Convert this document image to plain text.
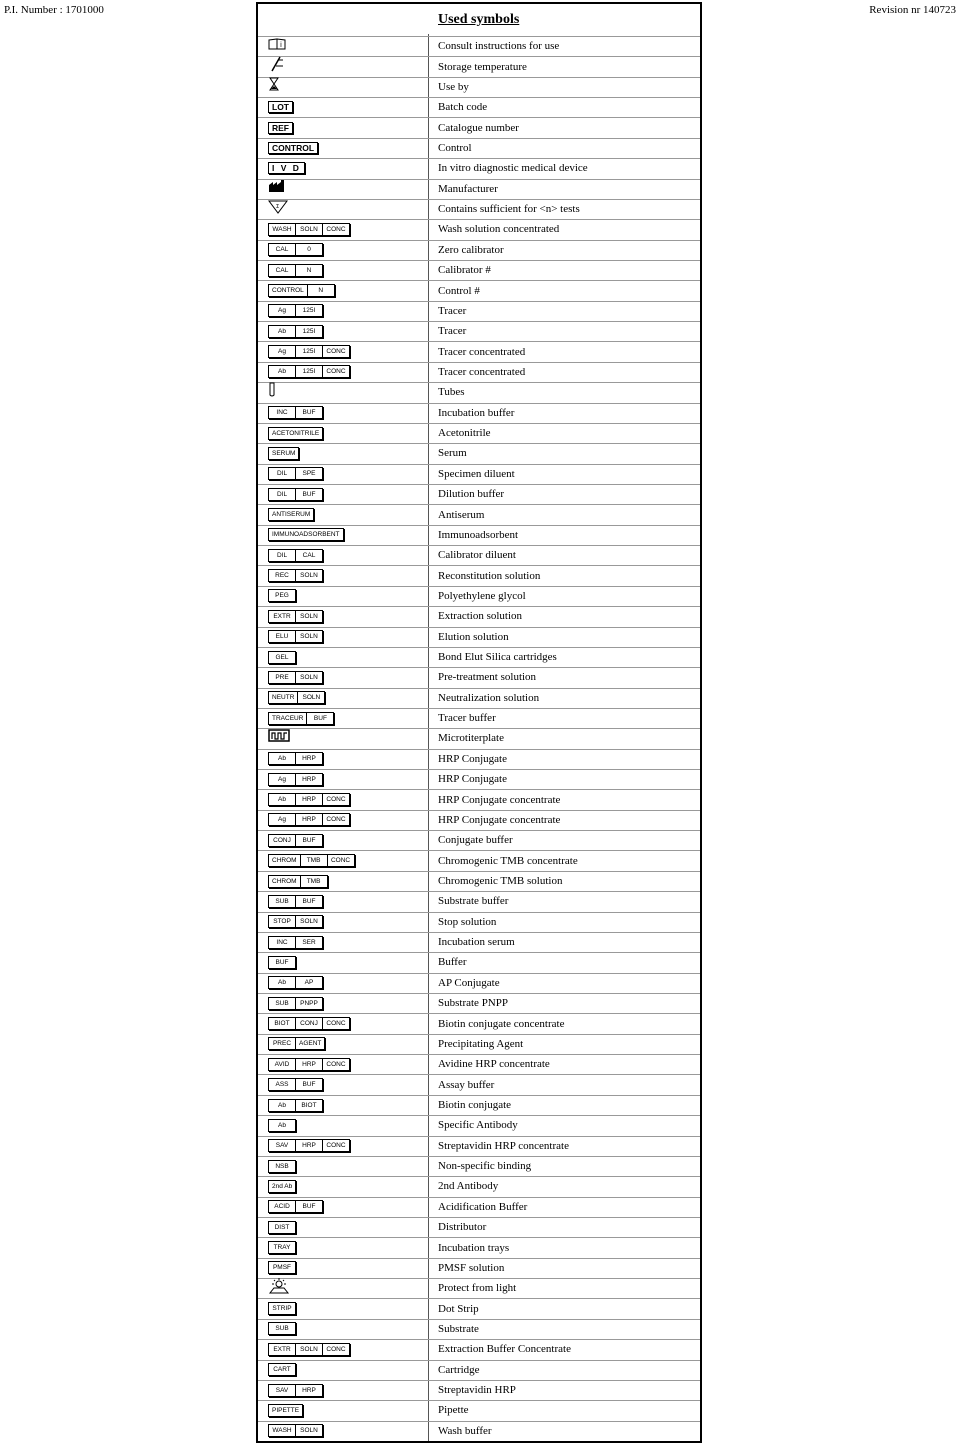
P.I. Number : 1701000	Revision nr 140723
Used symbols
i	Consult instructions for use
Storage temperature
Use by
LOT	Batch code
REF	Catalogue number
CONTROL	Control
I V D	In vitro diagnostic medical device
Manufacturer
Σ	Contains sufficient for <n> tests
WASH	SOLN	CONC	Wash solution concentrated
CAL	0	Zero calibrator
CAL	N	Calibrator #
CONTROL	N	Control #
Ag	125I	Tracer
Ab	125I	Tracer
Ag	125I	CONC	Tracer concentrated
Ab	125I	CONC	Tracer concentrated
Tubes
INC	BUF	Incubation buffer
ACETONITRILE	Acetonitrile
SERUM	Serum
DIL	SPE	Specimen diluent
DIL	BUF	Dilution buffer
ANTISERUM	Antiserum
IMMUNOADSORBENT	Immunoadsorbent
DIL	CAL	Calibrator diluent
REC	SOLN	Reconstitution solution
PEG	Polyethylene glycol
EXTR	SOLN	Extraction solution
ELU	SOLN	Elution solution
GEL	Bond Elut Silica cartridges
PRE	SOLN	Pre-treatment solution
NEUTR	SOLN	Neutralization solution
TRACEUR	BUF	Tracer buffer
Microtiterplate
Ab	HRP	HRP Conjugate
Ag	HRP	HRP Conjugate
Ab	HRP	CONC	HRP Conjugate concentrate
Ag	HRP	CONC	HRP Conjugate concentrate
CONJ	BUF	Conjugate buffer
CHROM	TMB	CONC	Chromogenic TMB concentrate
CHROM	TMB	Chromogenic TMB solution
SUB	BUF	Substrate buffer
STOP	SOLN	Stop solution
INC	SER	Incubation serum
BUF	Buffer
Ab	AP	AP Conjugate
SUB	PNPP	Substrate PNPP
BIOT	CONJ	CONC	Biotin conjugate concentrate
PREC	AGENT	Precipitating Agent
AVID	HRP	CONC	Avidine HRP concentrate
ASS	BUF	Assay buffer
Ab	BIOT	Biotin conjugate
Ab	Specific Antibody
SAV	HRP	CONC	Streptavidin HRP concentrate
NSB	Non-specific binding
2nd Ab	2nd Antibody
ACID	BUF	Acidification Buffer
DIST	Distributor
TRAY	Incubation trays
PMSF	PMSF solution
Protect from light
STRIP	Dot Strip
SUB	Substrate
EXTR	SOLN	CONC	Extraction Buffer Concentrate
CART	Cartridge
SAV	HRP	Streptavidin HRP
PIPETTE	Pipette
WASH	SOLN	Wash buffer
